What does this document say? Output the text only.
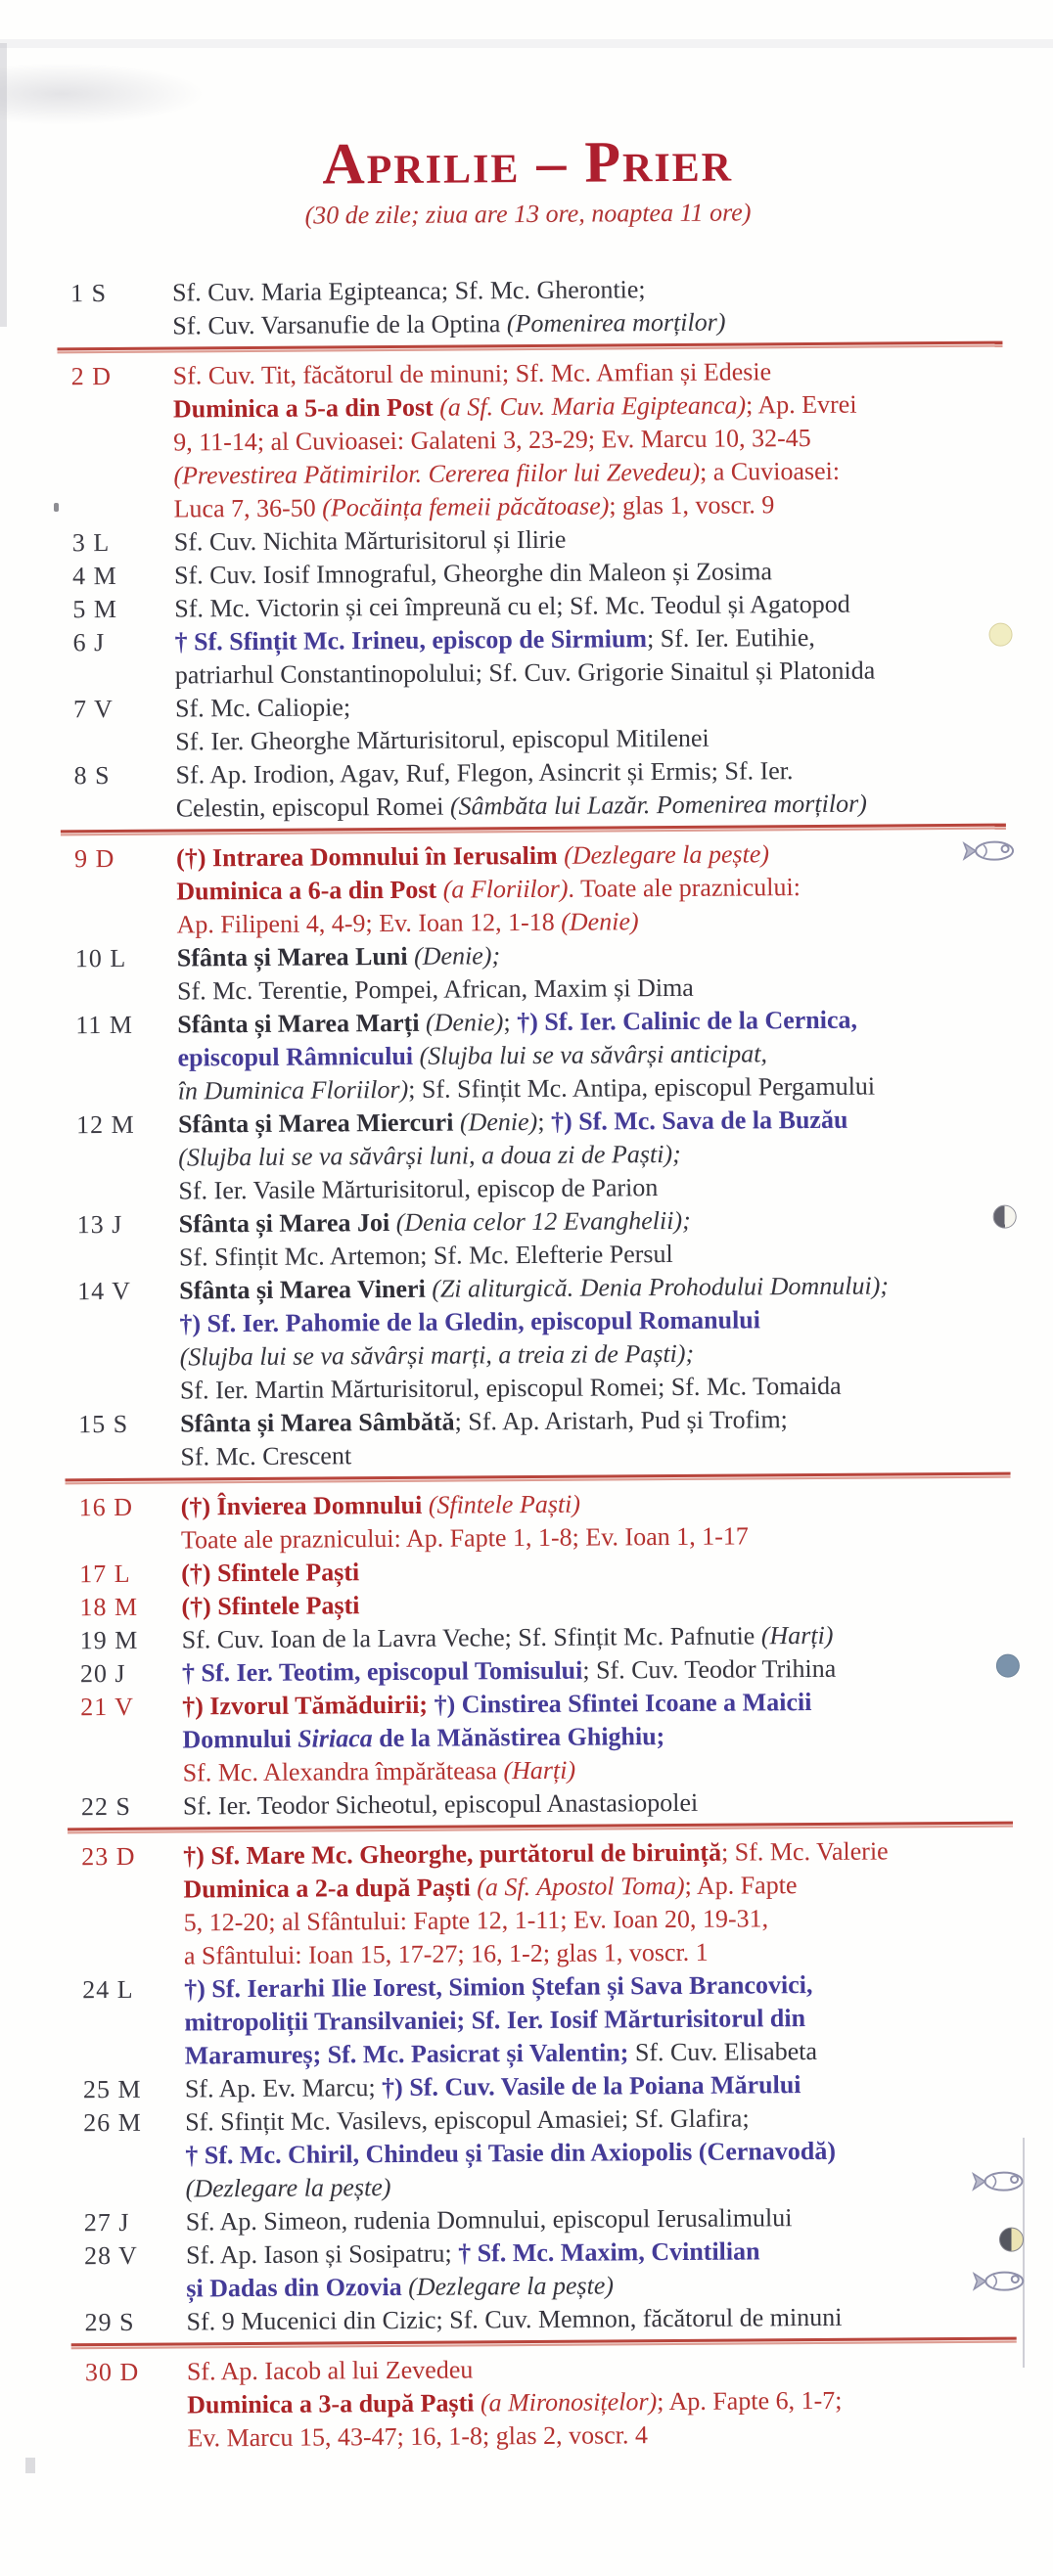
Aprilie – Prier
(30 de zile; ziua are 13 ore, noaptea 11 ore)
1 S	Sf. Cuv. Maria Egipteanca; Sf. Mc. Gherontie;
Sf. Cuv. Varsanufie de la Optina (Pomenirea morților)
2 D	Sf. Cuv. Tit, făcătorul de minuni; Sf. Mc. Amfian și Edesie
Duminica a 5-a din Post (a Sf. Cuv. Maria Egipteanca); Ap. Evrei
9, 11-14; al Cuvioasei: Galateni 3, 23-29; Ev. Marcu 10, 32-45
(Prevestirea Pătimirilor. Cererea fiilor lui Zevedeu); a Cuvioasei:
Luca 7, 36-50 (Pocăința femeii păcătoase); glas 1, voscr. 9
3 L	Sf. Cuv. Nichita Mărturisitorul și Ilirie
4 M	Sf. Cuv. Iosif Imnograful, Gheorghe din Maleon și Zosima
5 M	Sf. Mc. Victorin și cei împreună cu el; Sf. Mc. Teodul și Agatopod
6 J	† Sf. Sfințit Mc. Irineu, episcop de Sirmium; Sf. Ier. Eutihie,
patriarhul Constantinopolului; Sf. Cuv. Grigorie Sinaitul și Platonida
7 V	Sf. Mc. Caliopie;
Sf. Ier. Gheorghe Mărturisitorul, episcopul Mitilenei
8 S	Sf. Ap. Irodion, Agav, Ruf, Flegon, Asincrit și Ermis; Sf. Ier.
Celestin, episcopul Romei (Sâmbăta lui Lazăr. Pomenirea morților)
9 D	(†) Intrarea Domnului în Ierusalim (Dezlegare la pește)
Duminica a 6-a din Post (a Floriilor). Toate ale praznicului:
Ap. Filipeni 4, 4-9; Ev. Ioan 12, 1-18 (Denie)
10 L	Sfânta și Marea Luni (Denie);
Sf. Mc. Terentie, Pompei, African, Maxim și Dima
11 M	Sfânta și Marea Marți (Denie); †) Sf. Ier. Calinic de la Cernica,
episcopul Râmnicului (Slujba lui se va săvârși anticipat,
în Duminica Floriilor); Sf. Sfințit Mc. Antipa, episcopul Pergamului
12 M	Sfânta și Marea Miercuri (Denie); †) Sf. Mc. Sava de la Buzău
(Slujba lui se va săvârși luni, a doua zi de Paști);
Sf. Ier. Vasile Mărturisitorul, episcop de Parion
13 J	Sfânta și Marea Joi (Denia celor 12 Evanghelii);
Sf. Sfințit Mc. Artemon; Sf. Mc. Elefterie Persul
14 V	Sfânta și Marea Vineri (Zi aliturgică. Denia Prohodului Domnului);
†) Sf. Ier. Pahomie de la Gledin, episcopul Romanului
(Slujba lui se va săvârși marți, a treia zi de Paști);
Sf. Ier. Martin Mărturisitorul, episcopul Romei; Sf. Mc. Tomaida
15 S	Sfânta și Marea Sâmbătă; Sf. Ap. Aristarh, Pud și Trofim;
Sf. Mc. Crescent
16 D	(†) Învierea Domnului (Sfintele Paști)
Toate ale praznicului: Ap. Fapte 1, 1-8; Ev. Ioan 1, 1-17
17 L	(†) Sfintele Paști
18 M	(†) Sfintele Paști
19 M	Sf. Cuv. Ioan de la Lavra Veche; Sf. Sfințit Mc. Pafnutie (Harți)
20 J	† Sf. Ier. Teotim, episcopul Tomisului; Sf. Cuv. Teodor Trihina
21 V	†) Izvorul Tămăduirii; †) Cinstirea Sfintei Icoane a Maicii
Domnului Siriaca de la Mănăstirea Ghighiu;
Sf. Mc. Alexandra împărăteasa (Harți)
22 S	Sf. Ier. Teodor Sicheotul, episcopul Anastasiopolei
23 D	†) Sf. Mare Mc. Gheorghe, purtătorul de biruință; Sf. Mc. Valerie
Duminica a 2-a după Paști (a Sf. Apostol Toma); Ap. Fapte
5, 12-20; al Sfântului: Fapte 12, 1-11; Ev. Ioan 20, 19-31,
a Sfântului: Ioan 15, 17-27; 16, 1-2; glas 1, voscr. 1
24 L	†) Sf. Ierarhi Ilie Iorest, Simion Ștefan și Sava Brancovici,
mitropoliții Transilvaniei; Sf. Ier. Iosif Mărturisitorul din
Maramureș; Sf. Mc. Pasicrat și Valentin; Sf. Cuv. Elisabeta
25 M	Sf. Ap. Ev. Marcu; †) Sf. Cuv. Vasile de la Poiana Mărului
26 M	Sf. Sfințit Mc. Vasilevs, episcopul Amasiei; Sf. Glafira;
† Sf. Mc. Chiril, Chindeu și Tasie din Axiopolis (Cernavodă)
(Dezlegare la pește)
27 J	Sf. Ap. Simeon, rudenia Domnului, episcopul Ierusalimului
28 V	Sf. Ap. Iason și Sosipatru; † Sf. Mc. Maxim, Cvintilian
și Dadas din Ozovia (Dezlegare la pește)
29 S	Sf. 9 Mucenici din Cizic; Sf. Cuv. Memnon, făcătorul de minuni
30 D	Sf. Ap. Iacob al lui Zevedeu
Duminica a 3-a după Paști (a Mironosițelor); Ap. Fapte 6, 1-7;
Ev. Marcu 15, 43-47; 16, 1-8; glas 2, voscr. 4
